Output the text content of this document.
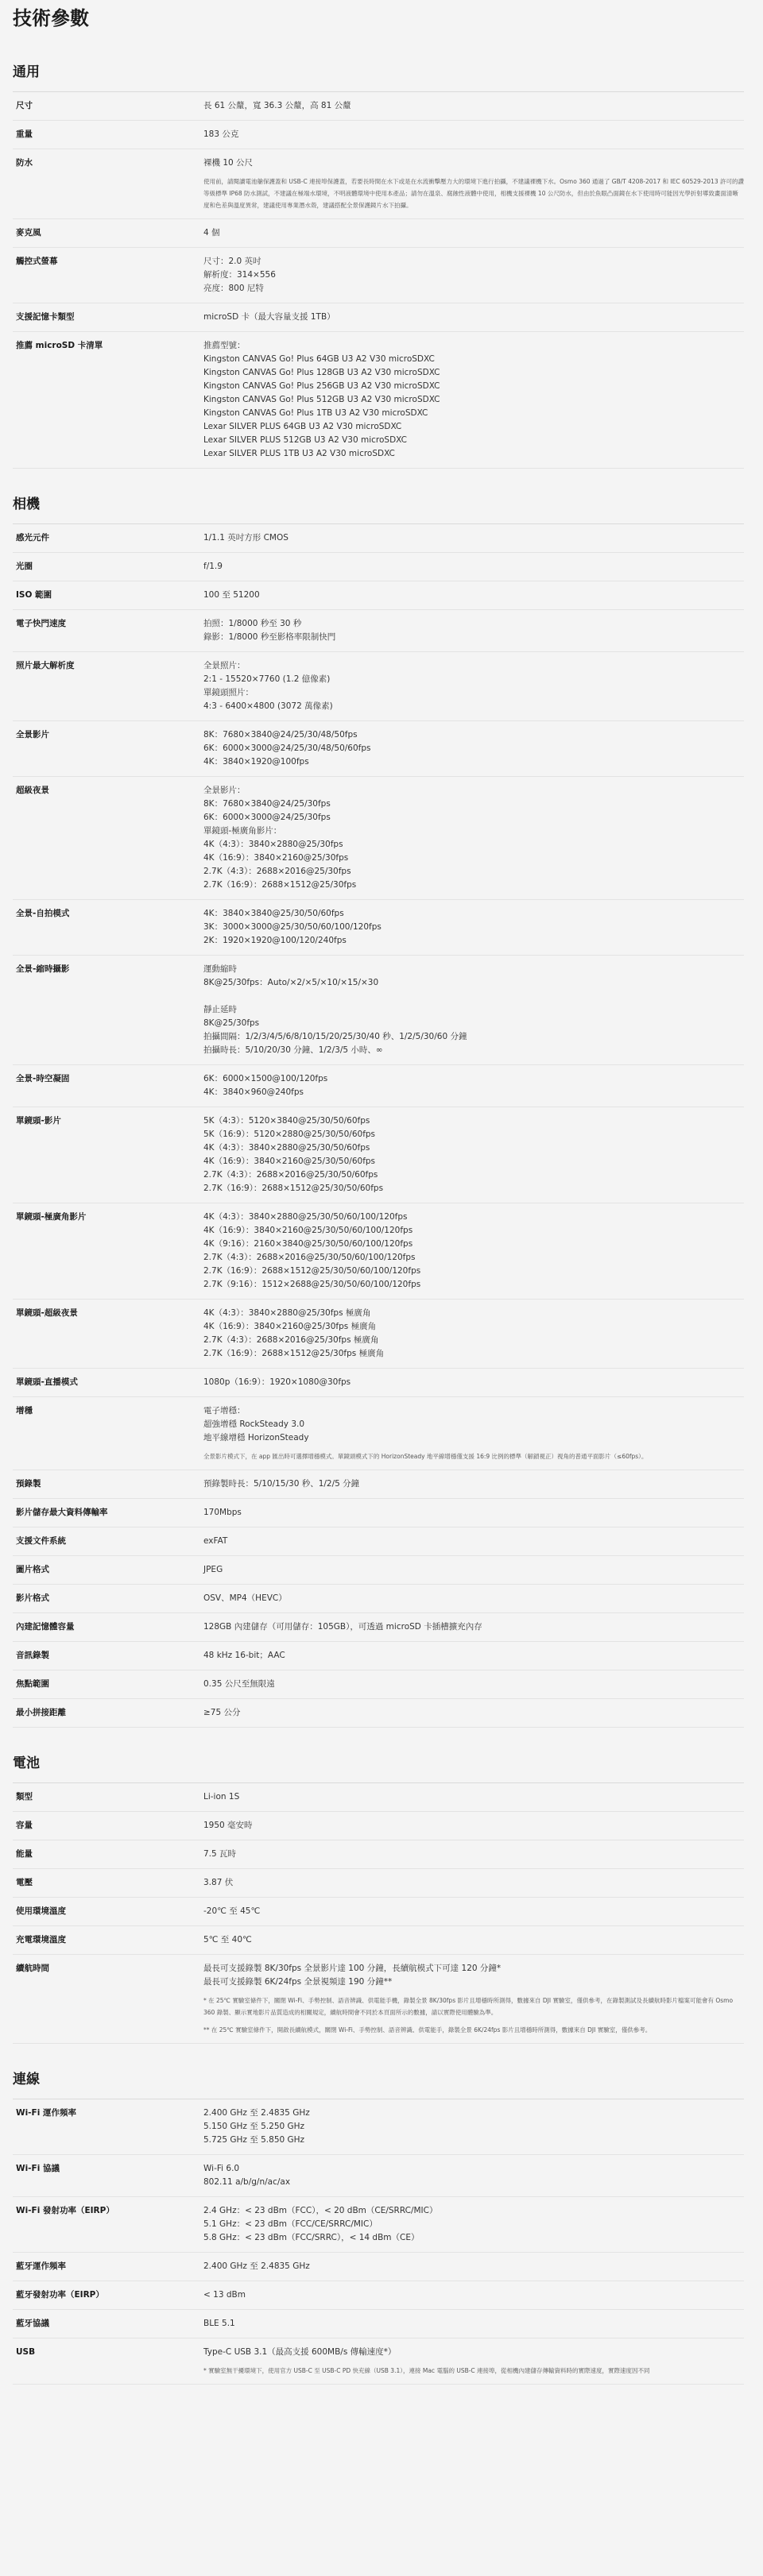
技術參數
通用
尺寸	長 61 公釐，寬 36.3 公釐，高 81 公釐
重量	183 公克
防水	裸機 10 公尺
使用前，請閱讀電池艙保護蓋和 USB-C 連接埠保護蓋，若要長時間在水下或是在水流衝擊壓力大的環境下進行拍攝，不建議裸機下水。Osmo 360 通過了 GB/T 4208-2017 和 IEC 60529-2013 許可的讚等級標準 IP68 防水測試，不建議在極端水環境，不明液體環境中使用本產品；請勿在溫泉、腐蝕性液體中使用，相機支援裸機 10 公尺防水，但由於魚眼凸面鏡在水下使用時可能因光學折射導致畫面清晰度和色差與溫度異常，建議使用專業潛水殼，建議搭配全景保護鏡片水下拍攝。
麥克風	4 個
觸控式螢幕	尺寸：2.0 英吋
解析度：314×556
亮度：800 尼特
支援記憶卡類型	microSD 卡（最大容量支援 1TB）
推薦 microSD 卡清單	推薦型號：
Kingston CANVAS Go! Plus 64GB U3 A2 V30 microSDXC
Kingston CANVAS Go! Plus 128GB U3 A2 V30 microSDXC
Kingston CANVAS Go! Plus 256GB U3 A2 V30 microSDXC
Kingston CANVAS Go! Plus 512GB U3 A2 V30 microSDXC
Kingston CANVAS Go! Plus 1TB U3 A2 V30 microSDXC
Lexar SILVER PLUS 64GB U3 A2 V30 microSDXC
Lexar SILVER PLUS 512GB U3 A2 V30 microSDXC
Lexar SILVER PLUS 1TB U3 A2 V30 microSDXC
相機
感光元件	1/1.1 英吋方形 CMOS
光圈	f/1.9
ISO 範圍	100 至 51200
電子快門速度	拍照：1/8000 秒至 30 秒
錄影：1/8000 秒至影格率限制快門
照片最大解析度	全景照片：
2:1 - 15520×7760 (1.2 億像素)
單鏡頭照片：
4:3 - 6400×4800 (3072 萬像素)
全景影片	8K：7680×3840@24/25/30/48/50fps
6K：6000×3000@24/25/30/48/50/60fps
4K：3840×1920@100fps
超級夜景	全景影片：
8K：7680×3840@24/25/30fps
6K：6000×3000@24/25/30fps
單鏡頭-極廣角影片：
4K（4:3）：3840×2880@25/30fps
4K（16:9）：3840×2160@25/30fps
2.7K（4:3）：2688×2016@25/30fps
2.7K（16:9）：2688×1512@25/30fps
全景-自拍模式	4K：3840×3840@25/30/50/60fps
3K：3000×3000@25/30/50/60/100/120fps
2K：1920×1920@100/120/240fps
全景-縮時攝影	運動縮時
8K@25/30fps：Auto/×2/×5/×10/×15/×30
靜止延時
8K@25/30fps
拍攝間隔：1/2/3/4/5/6/8/10/15/20/25/30/40 秒、1/2/5/30/60 分鐘
拍攝時長：5/10/20/30 分鐘、1/2/3/5 小時、∞
全景-時空凝固	6K：6000×1500@100/120fps
4K：3840×960@240fps
單鏡頭-影片	5K（4:3）：5120×3840@25/30/50/60fps
5K（16:9）：5120×2880@25/30/50/60fps
4K（4:3）：3840×2880@25/30/50/60fps
4K（16:9）：3840×2160@25/30/50/60fps
2.7K（4:3）：2688×2016@25/30/50/60fps
2.7K（16:9）：2688×1512@25/30/50/60fps
單鏡頭-極廣角影片	4K（4:3）：3840×2880@25/30/50/60/100/120fps
4K（16:9）：3840×2160@25/30/50/60/100/120fps
4K（9:16）：2160×3840@25/30/50/60/100/120fps
2.7K（4:3）：2688×2016@25/30/50/60/100/120fps
2.7K（16:9）：2688×1512@25/30/50/60/100/120fps
2.7K（9:16）：1512×2688@25/30/50/60/100/120fps
單鏡頭-超級夜景	4K（4:3）：3840×2880@25/30fps 極廣角
4K（16:9）：3840×2160@25/30fps 極廣角
2.7K（4:3）：2688×2016@25/30fps 極廣角
2.7K（16:9）：2688×1512@25/30fps 極廣角
單鏡頭-直播模式	1080p（16:9）：1920×1080@30fps
增穩	電子增穩：
超強增穩 RockSteady 3.0
地平線增穩 HorizonSteady
全景影片模式下，在 app 匯出時可選擇增穩模式。單鏡頭模式下的 HorizonSteady 地平線增穩僅支援 16:9 比例的標準（解鎖視正）視角的普通平面影片（≤60fps）。
預錄製	預錄製時長：5/10/15/30 秒、1/2/5 分鐘
影片儲存最大資料傳輸率	170Mbps
支援文件系統	exFAT
圖片格式	JPEG
影片格式	OSV、MP4（HEVC）
內建記憶體容量	128GB 內建儲存（可用儲存：105GB），可透過 microSD 卡插槽擴充內存
音訊錄製	48 kHz 16-bit；AAC
焦點範圍	0.35 公尺至無限遠
最小拼接距離	≥75 公分
電池
類型	Li-ion 1S
容量	1950 毫安時
能量	7.5 瓦時
電壓	3.87 伏
使用環境溫度	-20℃ 至 45℃
充電環境溫度	5℃ 至 40℃
續航時間	最長可支援錄製 8K/30fps 全景影片達 100 分鐘，長續航模式下可達 120 分鐘*
最長可支援錄製 6K/24fps 全景視頻達 190 分鐘**
* 在 25℃ 實驗室條件下，關閉 Wi-Fi、手勢控制、語音辨識、供電能手機，錄製全景 8K/30fps 影片且增穩時所測得，數據來自 DJI 實驗室，僅供參考，在錄製測試及長續航時影片檔案可能會有 Osmo 360 錄製、顯示實地影片品質造成的相關規定，續航時間會不同於本頁面所示的數據，請以實際使用體驗為準。
** 在 25℃ 實驗室條件下，開啟長續航模式，關閉 Wi-Fi、手勢控制、語音辨識、供電能手，錄製全景 6K/24fps 影片且增穩時所測得，數據來自 DJI 實驗室，僅供參考。
連線
Wi-Fi 運作頻率	2.400 GHz 至 2.4835 GHz
5.150 GHz 至 5.250 GHz
5.725 GHz 至 5.850 GHz
Wi-Fi 協議	Wi-Fi 6.0
802.11 a/b/g/n/ac/ax
Wi-Fi 發射功率（EIRP）	2.4 GHz：< 23 dBm（FCC），< 20 dBm（CE/SRRC/MIC）
5.1 GHz：< 23 dBm（FCC/CE/SRRC/MIC）
5.8 GHz：< 23 dBm（FCC/SRRC），< 14 dBm（CE）
藍牙運作頻率	2.400 GHz 至 2.4835 GHz
藍牙發射功率（EIRP）	< 13 dBm
藍牙協議	BLE 5.1
USB	Type-C USB 3.1（最高支援 600MB/s 傳輸速度*）
* 實驗室無干擾環境下，使用官方 USB-C 至 USB-C PD 快充線（USB 3.1），連接 Mac 電腦的 USB-C 連接埠，從相機內建儲存傳輸資料時的實際速度，實際速度因不同
